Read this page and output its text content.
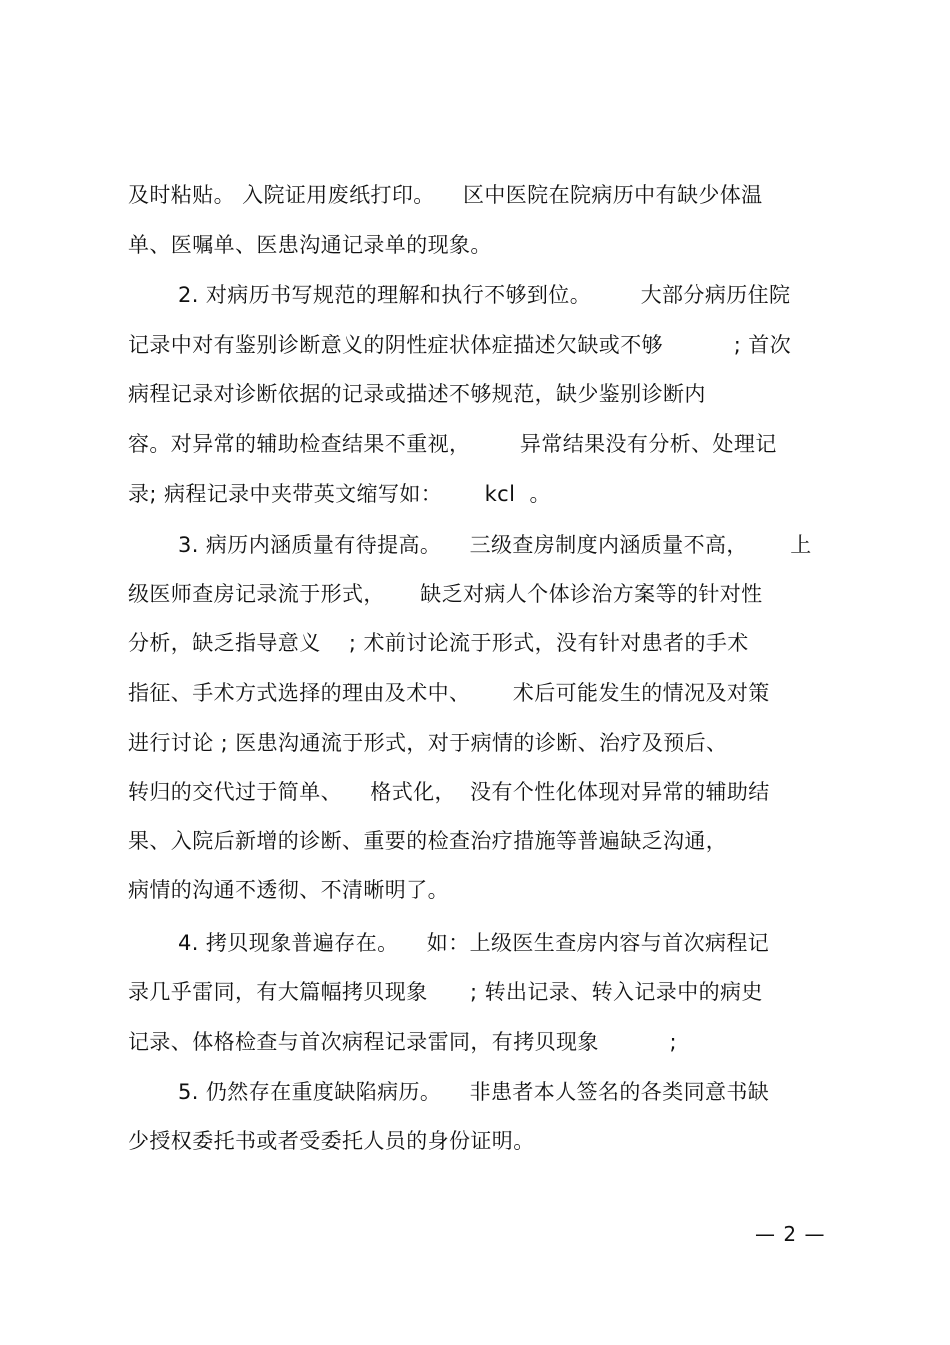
及时粘贴。 入院证用废纸打印。    区中医院在院病历中有缺少体温
单、医嘱单、医患沟通记录单的现象。
2. 对病历书写规范的理解和执行不够到位。       大部分病历住院
记录中对有鉴别诊断意义的阴性症状体症描述欠缺或不够          ; 首次
病程记录对诊断依据的记录或描述不够规范，缺少鉴别诊断内
容。对异常的辅助检查结果不重视，       异常结果没有分析、处理记
录; 病程记录中夹带英文缩写如：      kcl  。
3. 病历内涵质量有待提高。    三级查房制度内涵质量不高，      上
级医师查房记录流于形式，     缺乏对病人个体诊治方案等的针对性
分析，缺乏指导意义    ; 术前讨论流于形式，没有针对患者的手术
指征、手术方式选择的理由及术中、      术后可能发生的情况及对策
进行讨论 ; 医患沟通流于形式，对于病情的诊断、治疗及预后、
转归的交代过于简单、    格式化，  没有个性化体现对异常的辅助结
果、入院后新增的诊断、重要的检查治疗措施等普遍缺乏沟通，
病情的沟通不透彻、不清晰明了。
4. 拷贝现象普遍存在。    如：上级医生查房内容与首次病程记
录几乎雷同，有大篇幅拷贝现象      ; 转出记录、转入记录中的病史
记录、体格检查与首次病程记录雷同，有拷贝现象          ;
5. 仍然存在重度缺陷病历。    非患者本人签名的各类同意书缺
少授权委托书或者受委托人员的身份证明。
— 2 —
